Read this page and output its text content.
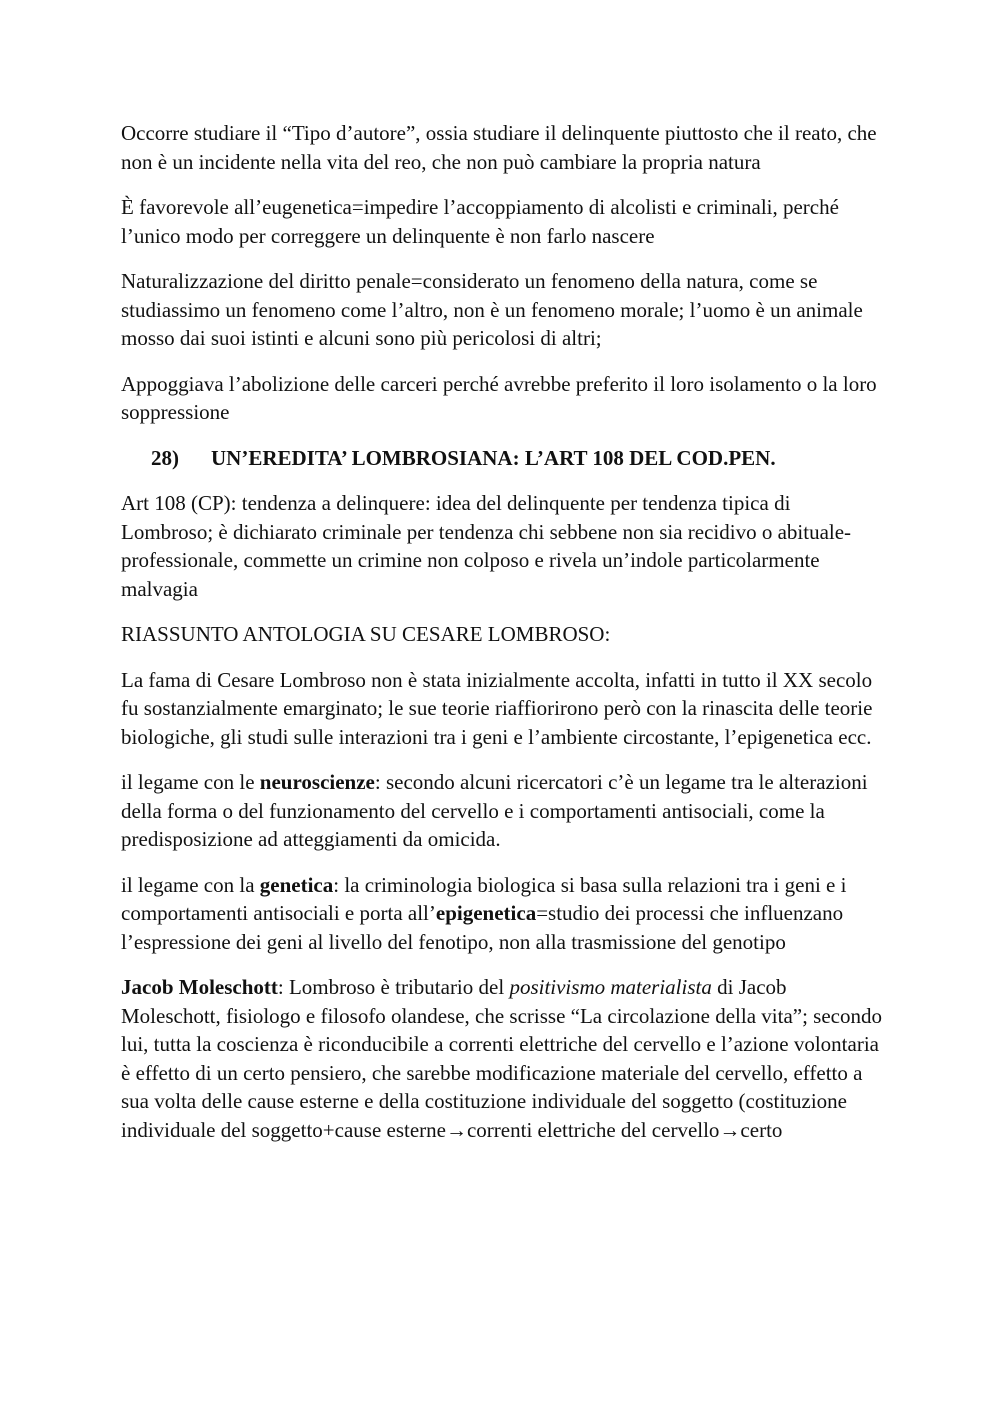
Occorre studiare il “Tipo d’autore”, ossia studiare il delinquente piuttosto che il reato, che non è un incidente nella vita del reo, che non può cambiare la propria natura

È favorevole all’eugenetica=impedire l’accoppiamento di alcolisti e criminali, perché l’unico modo per correggere un delinquente è non farlo nascere

Naturalizzazione del diritto penale=considerato un fenomeno della natura, come se studiassimo un fenomeno come l’altro, non è un fenomeno morale; l’uomo è un animale mosso dai suoi istinti e alcuni sono più pericolosi di altri;

Appoggiava l’abolizione delle carceri perché avrebbe preferito il loro isolamento o la loro soppressione

28) UN’EREDITA’ LOMBROSIANA: L’ART 108 DEL COD.PEN.

Art 108 (CP): tendenza a delinquere: idea del delinquente per tendenza tipica di Lombroso; è dichiarato criminale per tendenza chi sebbene non sia recidivo o abituale-professionale, commette un crimine non colposo e rivela un’indole particolarmente malvagia

RIASSUNTO ANTOLOGIA SU CESARE LOMBROSO:

La fama di Cesare Lombroso non è stata inizialmente accolta, infatti in tutto il XX secolo fu sostanzialmente emarginato; le sue teorie riaffiorirono però con la rinascita delle teorie biologiche, gli studi sulle interazioni tra i geni e l’ambiente circostante, l’epigenetica ecc.

il legame con le neuroscienze: secondo alcuni ricercatori c’è un legame tra le alterazioni della forma o del funzionamento del cervello e i comportamenti antisociali, come la predisposizione ad atteggiamenti da omicida.

il legame con la genetica: la criminologia biologica si basa sulla relazioni tra i geni e i comportamenti antisociali e porta all’epigenetica=studio dei processi che influenzano l’espressione dei geni al livello del fenotipo, non alla trasmissione del genotipo

Jacob Moleschott: Lombroso è tributario del positivismo materialista di Jacob Moleschott, fisiologo e filosofo olandese, che scrisse “La circolazione della vita”; secondo lui, tutta la coscienza è riconducibile a correnti elettriche del cervello e l’azione volontaria è effetto di un certo pensiero, che sarebbe modificazione materiale del cervello, effetto a sua volta delle cause esterne e della costituzione individuale del soggetto (costituzione individuale del soggetto+cause esterne→correnti elettriche del cervello→certo
